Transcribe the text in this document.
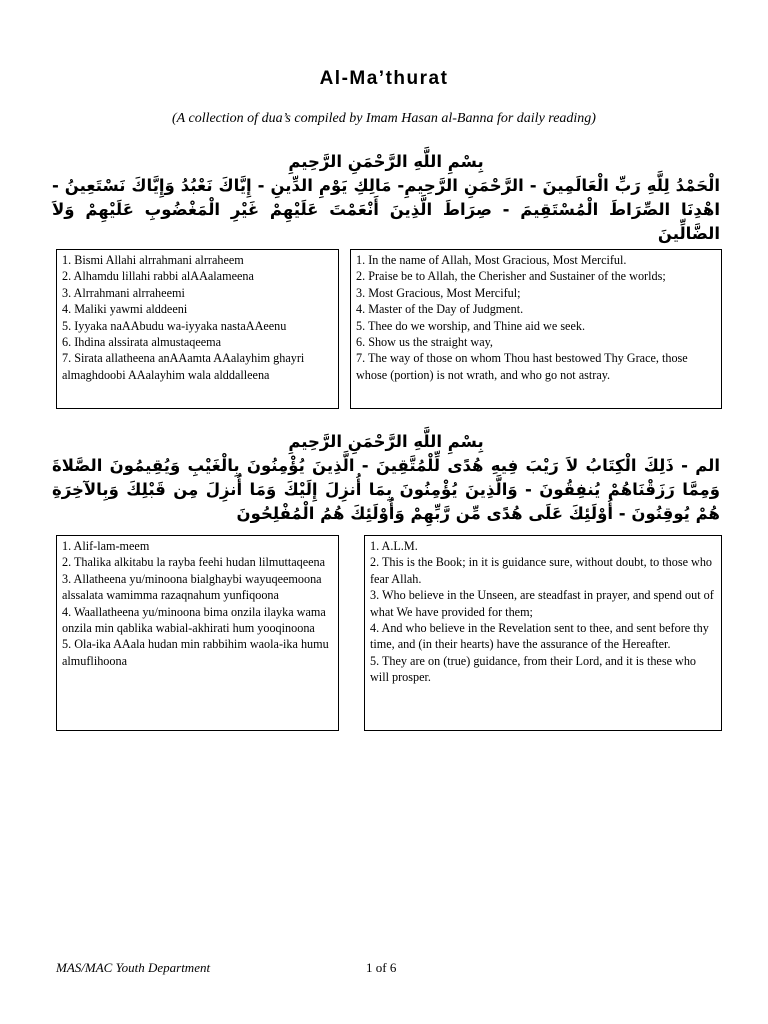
Al-Ma’thurat
(A collection of dua’s compiled by Imam Hasan al-Banna for daily reading)
بِسْمِ اللَّهِ الرَّحْمَنِ الرَّحِيمِ
الْحَمْدُ لِلَّهِ رَبِّ الْعَالَمِينَ - الرَّحْمَنِ الرَّحِيمِ- مَالِكِ يَوْمِ الدِّينِ - إِيَّاكَ نَعْبُدُ وَإِيَّاكَ نَسْتَعِينُ - اهْدِنَا الصِّرَاطَ الْمُسْتَقِيمَ - صِرَاطَ الَّذِينَ أَنْعَمْتَ عَلَيْهِمْ غَيْرِ الْمَغْضُوبِ عَلَيْهِمْ وَلاَ الضَّالِّينَ
1. Bismi Allahi alrrahmani alrraheem
2. Alhamdu lillahi rabbi alAAalameena
3. Alrrahmani alrraheemi
4. Maliki yawmi alddeeni
5. Iyyaka naAAbudu wa-iyyaka nastaAAeenu
6. Ihdina alssirata almustaqeema
7. Sirata allatheena anAAamta AAalayhim ghayri almaghdoobi AAalayhim wala alddalleena
1. In the name of Allah, Most Gracious, Most Merciful.
2. Praise be to Allah, the Cherisher and Sustainer of the worlds;
3. Most Gracious, Most Merciful;
4. Master of the Day of Judgment.
5. Thee do we worship, and Thine aid we seek.
6. Show us the straight way,
7. The way of those on whom Thou hast bestowed Thy Grace, those whose (portion) is not wrath, and who go not astray.
بِسْمِ اللَّهِ الرَّحْمَنِ الرَّحِيمِ
الم - ذَلِكَ الْكِتَابُ لاَ رَيْبَ فِيهِ هُدًى لِّلْمُتَّقِينَ - الَّذِينَ يُؤْمِنُونَ بِالْغَيْبِ وَيُقِيمُونَ الصَّلاةَ وَمِمَّا رَزَقْنَاهُمْ يُنفِقُونَ - وَالَّذِينَ يُؤْمِنُونَ بِمَا أُنزِلَ إِلَيْكَ وَمَا أُنزِلَ مِن قَبْلِكَ وَبِالآخِرَةِ هُمْ يُوقِنُونَ - أُوْلَئِكَ عَلَى هُدًى مِّن رَّبِّهِمْ وَأُوْلَئِكَ هُمُ الْمُفْلِحُونَ
1. Alif-lam-meem
2. Thalika alkitabu la rayba feehi hudan lilmuttaqeena
3. Allatheena yu/minoona bialghaybi wayuqeemoona alssalata wamimma razaqnahum yunfiqoona
4. Waallatheena yu/minoona bima onzila ilayka wama onzila min qablika wabial-akhirati hum yooqinoona
5. Ola-ika AAala hudan min rabbihim waola-ika humu almuflihoona
1. A.L.M.
2. This is the Book; in it is guidance sure, without doubt, to those who fear Allah.
3. Who believe in the Unseen, are steadfast in prayer, and spend out of what We have provided for them;
4. And who believe in the Revelation sent to thee, and sent before thy time, and (in their hearts) have the assurance of the Hereafter.
5. They are on (true) guidance, from their Lord, and it is these who will prosper.
MAS/MAC Youth Department	1 of 6
